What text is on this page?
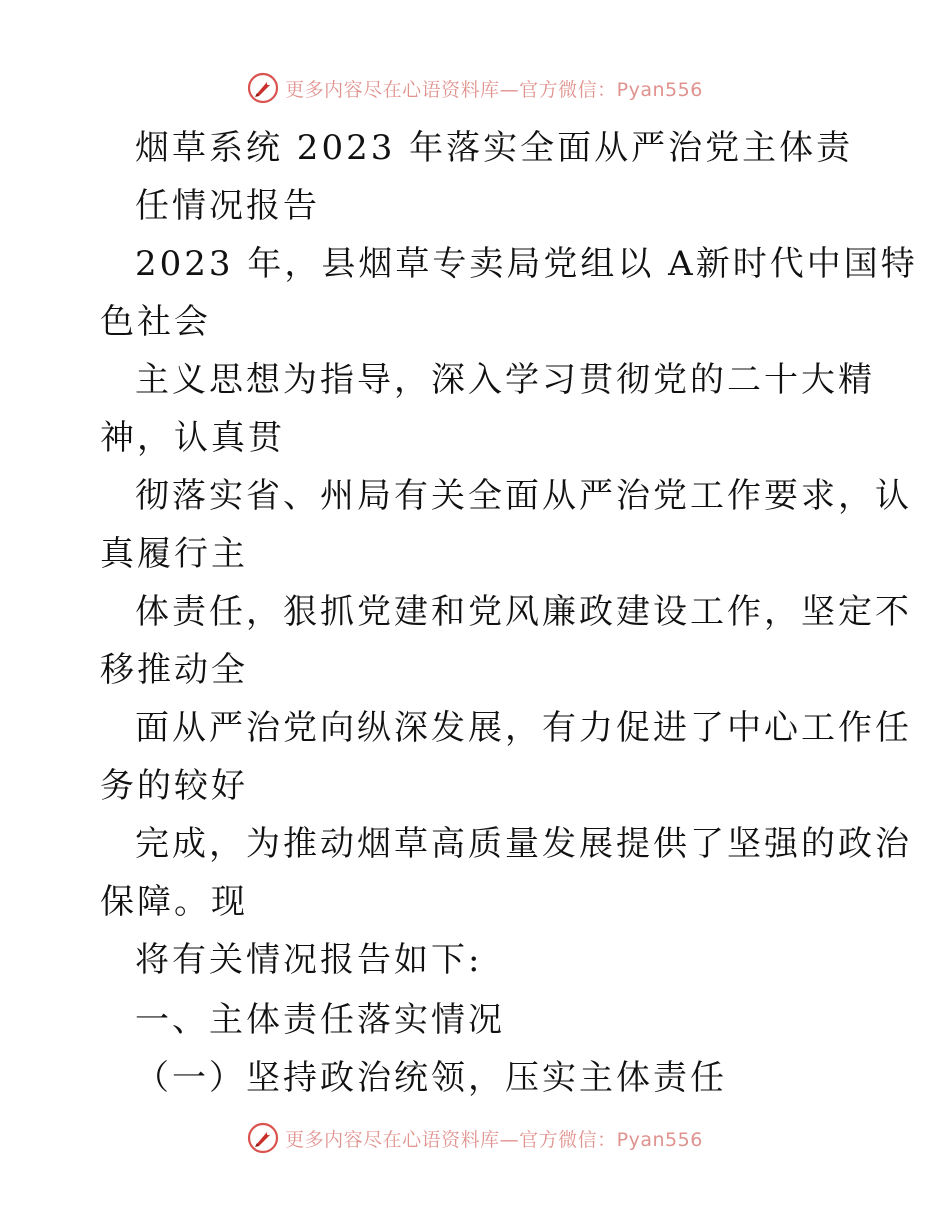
更多内容尽在心语资料库—官方微信：Pyan556
烟草系统 2023 年落实全面从严治党主体责
任情况报告
2023 年，县烟草专卖局党组以 A新时代中国特
色社会
主义思想为指导，深入学习贯彻党的二十大精
神，认真贯
彻落实省、州局有关全面从严治党工作要求，认
真履行主
体责任，狠抓党建和党风廉政建设工作，坚定不
移推动全
面从严治党向纵深发展，有力促进了中心工作任
务的较好
完成，为推动烟草高质量发展提供了坚强的政治
保障。现
将有关情况报告如下:
一、主体责任落实情况
（一）坚持政治统领，压实主体责任
更多内容尽在心语资料库—官方微信：Pyan556
